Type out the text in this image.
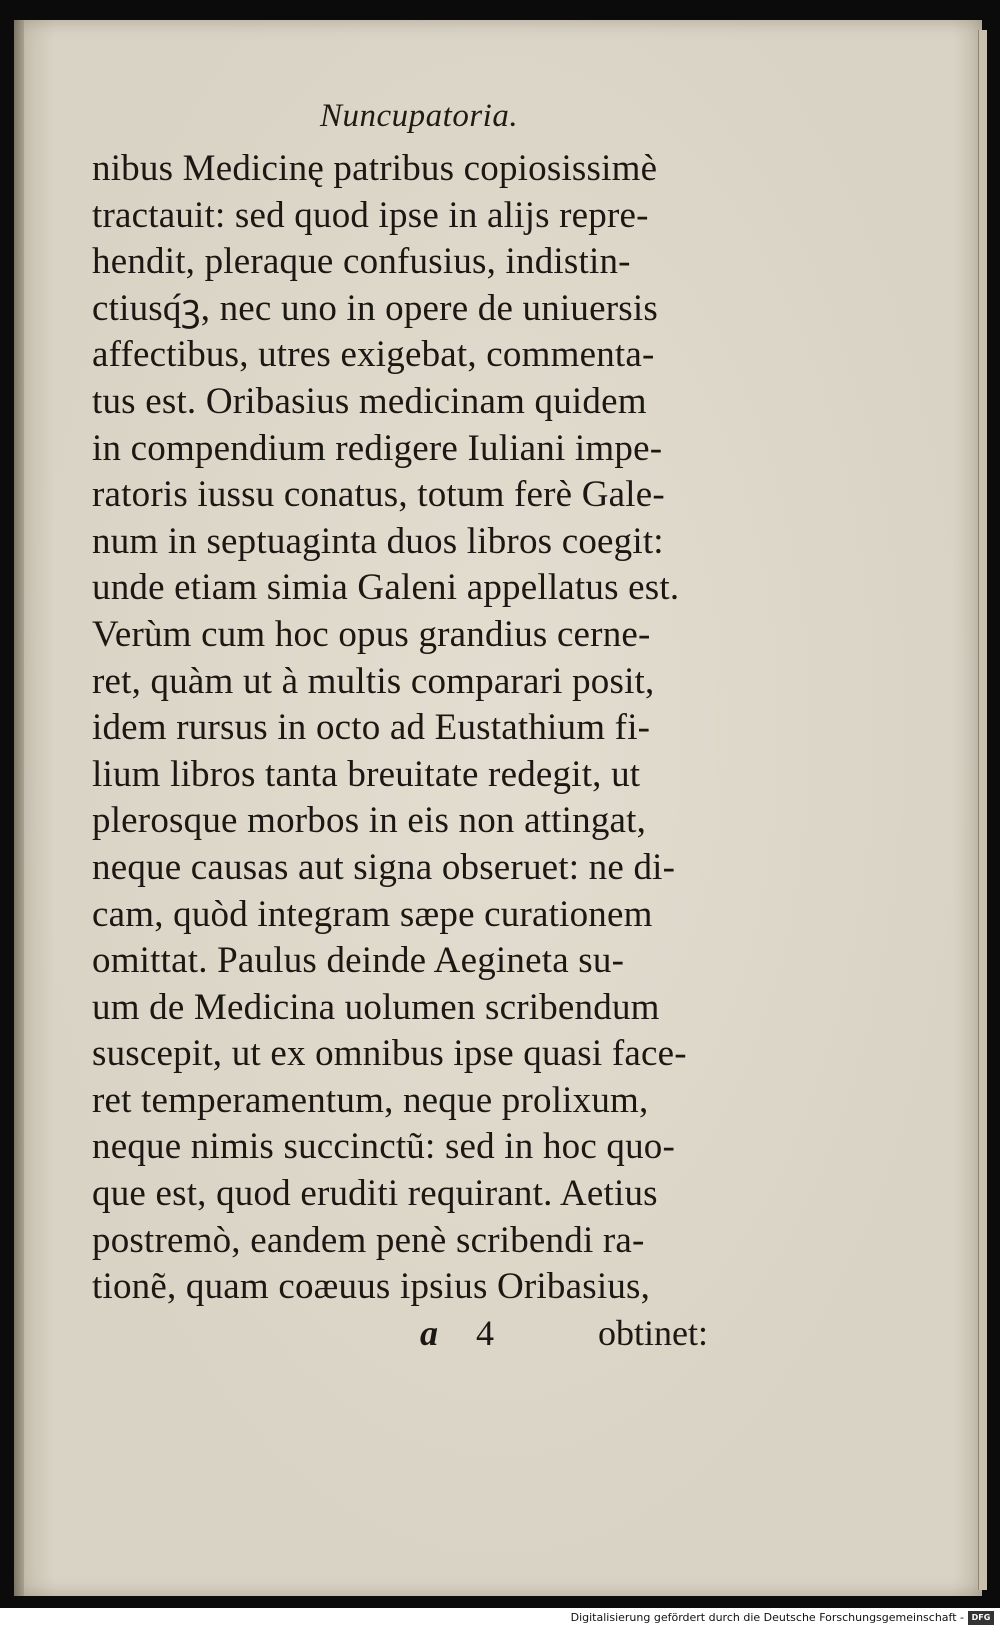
Nuncupatoria.
nibus Medicinę patribus copiosissimè
tractauit: sed quod ipse in alijs repre-
hendit, pleraque confusius, indistin-
ctiusq́ꝫ, nec uno in opere de uniuersis
affectibus, utres exigebat, commenta-
tus est. Oribasius medicinam quidem
in compendium redigere Iuliani impe-
ratoris iussu conatus, totum ferè Gale-
num in septuaginta duos libros coegit:
unde etiam simia Galeni appellatus est.
Verùm cum hoc opus grandius cerne-
ret, quàm ut à multis comparari posit,
idem rursus in octo ad Eustathium fi-
lium libros tanta breuitate redegit, ut
plerosque morbos in eis non attingat,
neque causas aut signa obseruet: ne di-
cam, quòd integram sæpe curationem
omittat. Paulus deinde Aegineta su-
um de Medicina uolumen scribendum
suscepit, ut ex omnibus ipse quasi face-
ret temperamentum, neque prolixum,
neque nimis succinctũ: sed in hoc quo-
que est, quod eruditi requirant. Aetius
postremò, eandem penè scribendi ra-
tionẽ, quam coæuus ipsius Oribasius,
a 4	obtinet:
Digitalisierung gefördert durch die Deutsche Forschungsgemeinschaft - DFG
